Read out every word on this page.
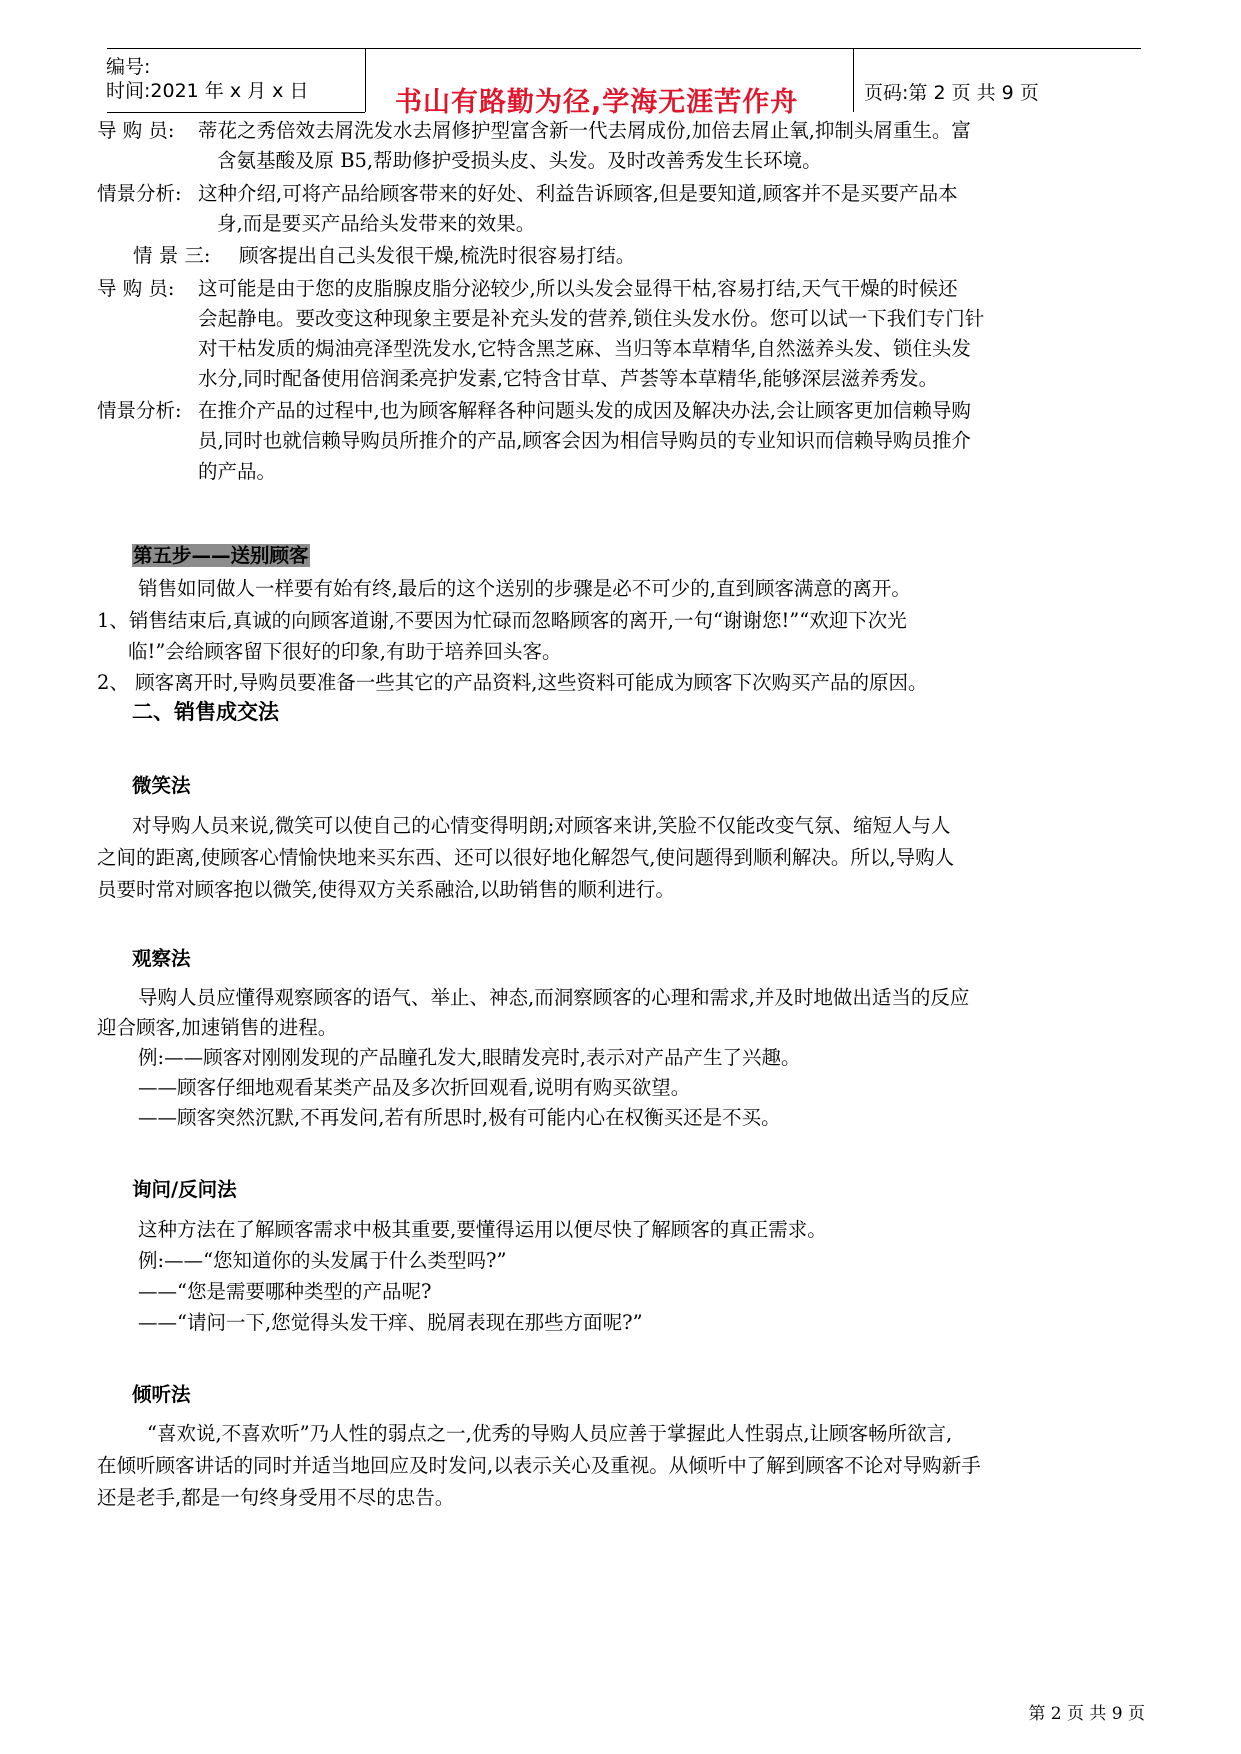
编号:
时间:2021 年 x 月 x 日	页码:第 2 页 共 9 页
书山有路勤为径,学海无涯苦作舟
导 购 员: 蒂花之秀倍效去屑洗发水去屑修护型富含新一代去屑成份,加倍去屑止氧,抑制头屑重生。富
含氨基酸及原 B5,帮助修护受损头皮、头发。及时改善秀发生长环境。
情景分析: 这种介绍,可将产品给顾客带来的好处、利益告诉顾客,但是要知道,顾客并不是买要产品本
身,而是要买产品给头发带来的效果。
情 景 三: 顾客提出自己头发很干燥,梳洗时很容易打结。
导 购 员: 这可能是由于您的皮脂腺皮脂分泌较少,所以头发会显得干枯,容易打结,天气干燥的时候还
会起静电。要改变这种现象主要是补充头发的营养,锁住头发水份。您可以试一下我们专门针
对干枯发质的焗油亮泽型洗发水,它特含黑芝麻、当归等本草精华,自然滋养头发、锁住头发
水分,同时配备使用倍润柔亮护发素,它特含甘草、芦荟等本草精华,能够深层滋养秀发。
情景分析: 在推介产品的过程中,也为顾客解释各种问题头发的成因及解决办法,会让顾客更加信赖导购
员,同时也就信赖导购员所推介的产品,顾客会因为相信导购员的专业知识而信赖导购员推介
的产品。
第五步——送别顾客
销售如同做人一样要有始有终,最后的这个送别的步骤是必不可少的,直到顾客满意的离开。
1、销售结束后,真诚的向顾客道谢,不要因为忙碌而忽略顾客的离开,一句“谢谢您!”“欢迎下次光
临!”会给顾客留下很好的印象,有助于培养回头客。
2、 顾客离开时,导购员要准备一些其它的产品资料,这些资料可能成为顾客下次购买产品的原因。
二、销售成交法
微笑法
对导购人员来说,微笑可以使自己的心情变得明朗;对顾客来讲,笑脸不仅能改变气氛、缩短人与人
之间的距离,使顾客心情愉快地来买东西、还可以很好地化解怨气,使问题得到顺利解决。所以,导购人
员要时常对顾客抱以微笑,使得双方关系融洽,以助销售的顺利进行。
观察法
导购人员应懂得观察顾客的语气、举止、神态,而洞察顾客的心理和需求,并及时地做出适当的反应
迎合顾客,加速销售的进程。
例:——顾客对刚刚发现的产品瞳孔发大,眼睛发亮时,表示对产品产生了兴趣。
——顾客仔细地观看某类产品及多次折回观看,说明有购买欲望。
——顾客突然沉默,不再发问,若有所思时,极有可能内心在权衡买还是不买。
询问/反问法
这种方法在了解顾客需求中极其重要,要懂得运用以便尽快了解顾客的真正需求。
例:——“您知道你的头发属于什么类型吗?”
——“您是需要哪种类型的产品呢?
——“请问一下,您觉得头发干痒、脱屑表现在那些方面呢?”
倾听法
“喜欢说,不喜欢听”乃人性的弱点之一,优秀的导购人员应善于掌握此人性弱点,让顾客畅所欲言,
在倾听顾客讲话的同时并适当地回应及时发问,以表示关心及重视。从倾听中了解到顾客不论对导购新手
还是老手,都是一句终身受用不尽的忠告。
第 2 页 共 9 页
